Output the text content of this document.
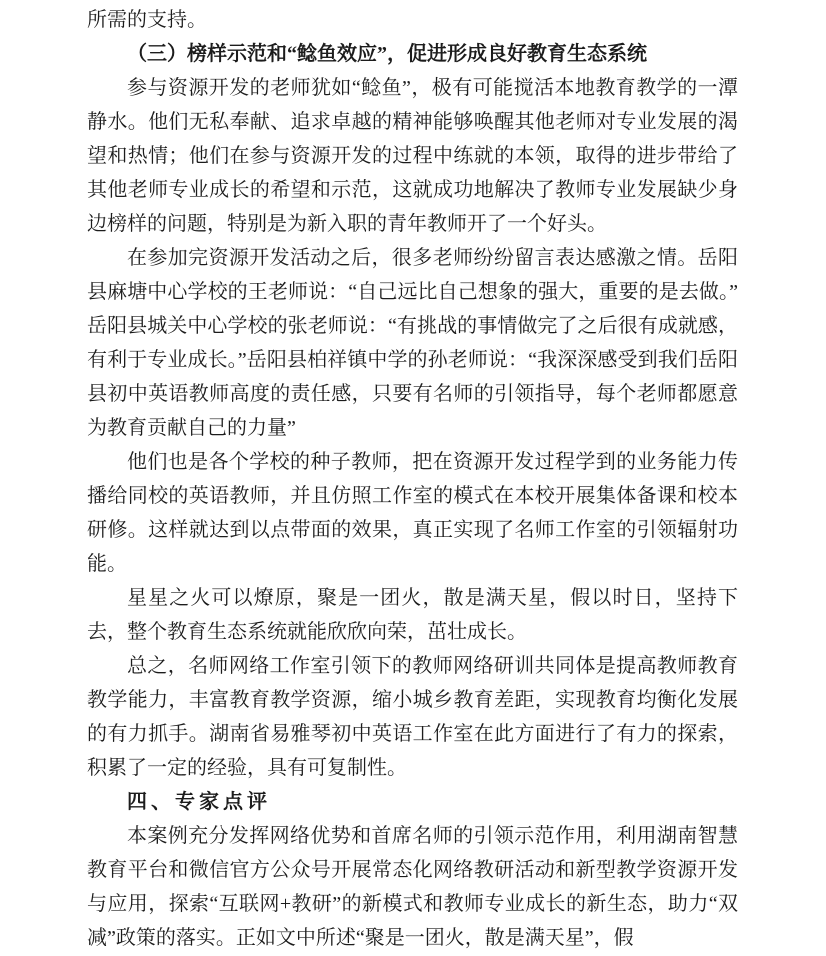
所需的支持。

（三）榜样示范和“鲶鱼效应”，促进形成良好教育生态系统

参与资源开发的老师犹如“鲶鱼”，极有可能搅活本地教育教学的一潭静水。他们无私奉献、追求卓越的精神能够唤醒其他老师对专业发展的渴望和热情；他们在参与资源开发的过程中练就的本领，取得的进步带给了其他老师专业成长的希望和示范，这就成功地解决了教师专业发展缺少身边榜样的问题，特别是为新入职的青年教师开了一个好头。

在参加完资源开发活动之后，很多老师纷纷留言表达感激之情。岳阳县麻塘中心学校的王老师说：“自己远比自己想象的强大，重要的是去做。”岳阳县城关中心学校的张老师说：“有挑战的事情做完了之后很有成就感，有利于专业成长。”岳阳县柏祥镇中学的孙老师说：“我深深感受到我们岳阳县初中英语教师高度的责任感，只要有名师的引领指导，每个老师都愿意为教育贡献自己的力量”

他们也是各个学校的种子教师，把在资源开发过程学到的业务能力传播给同校的英语教师，并且仿照工作室的模式在本校开展集体备课和校本研修。这样就达到以点带面的效果，真正实现了名师工作室的引领辐射功能。

星星之火可以燎原，聚是一团火，散是满天星，假以时日，坚持下去，整个教育生态系统就能欣欣向荣，茁壮成长。

总之，名师网络工作室引领下的教师网络研训共同体是提高教师教育教学能力，丰富教育教学资源，缩小城乡教育差距，实现教育均衡化发展的有力抓手。湖南省易雅琴初中英语工作室在此方面进行了有力的探索，积累了一定的经验，具有可复制性。

四、专家点评

本案例充分发挥网络优势和首席名师的引领示范作用，利用湖南智慧教育平台和微信官方公众号开展常态化网络教研活动和新型教学资源开发与应用，探索“互联网+教研”的新模式和教师专业成长的新生态，助力“双减”政策的落实。正如文中所述“聚是一团火，散是满天星”，假
